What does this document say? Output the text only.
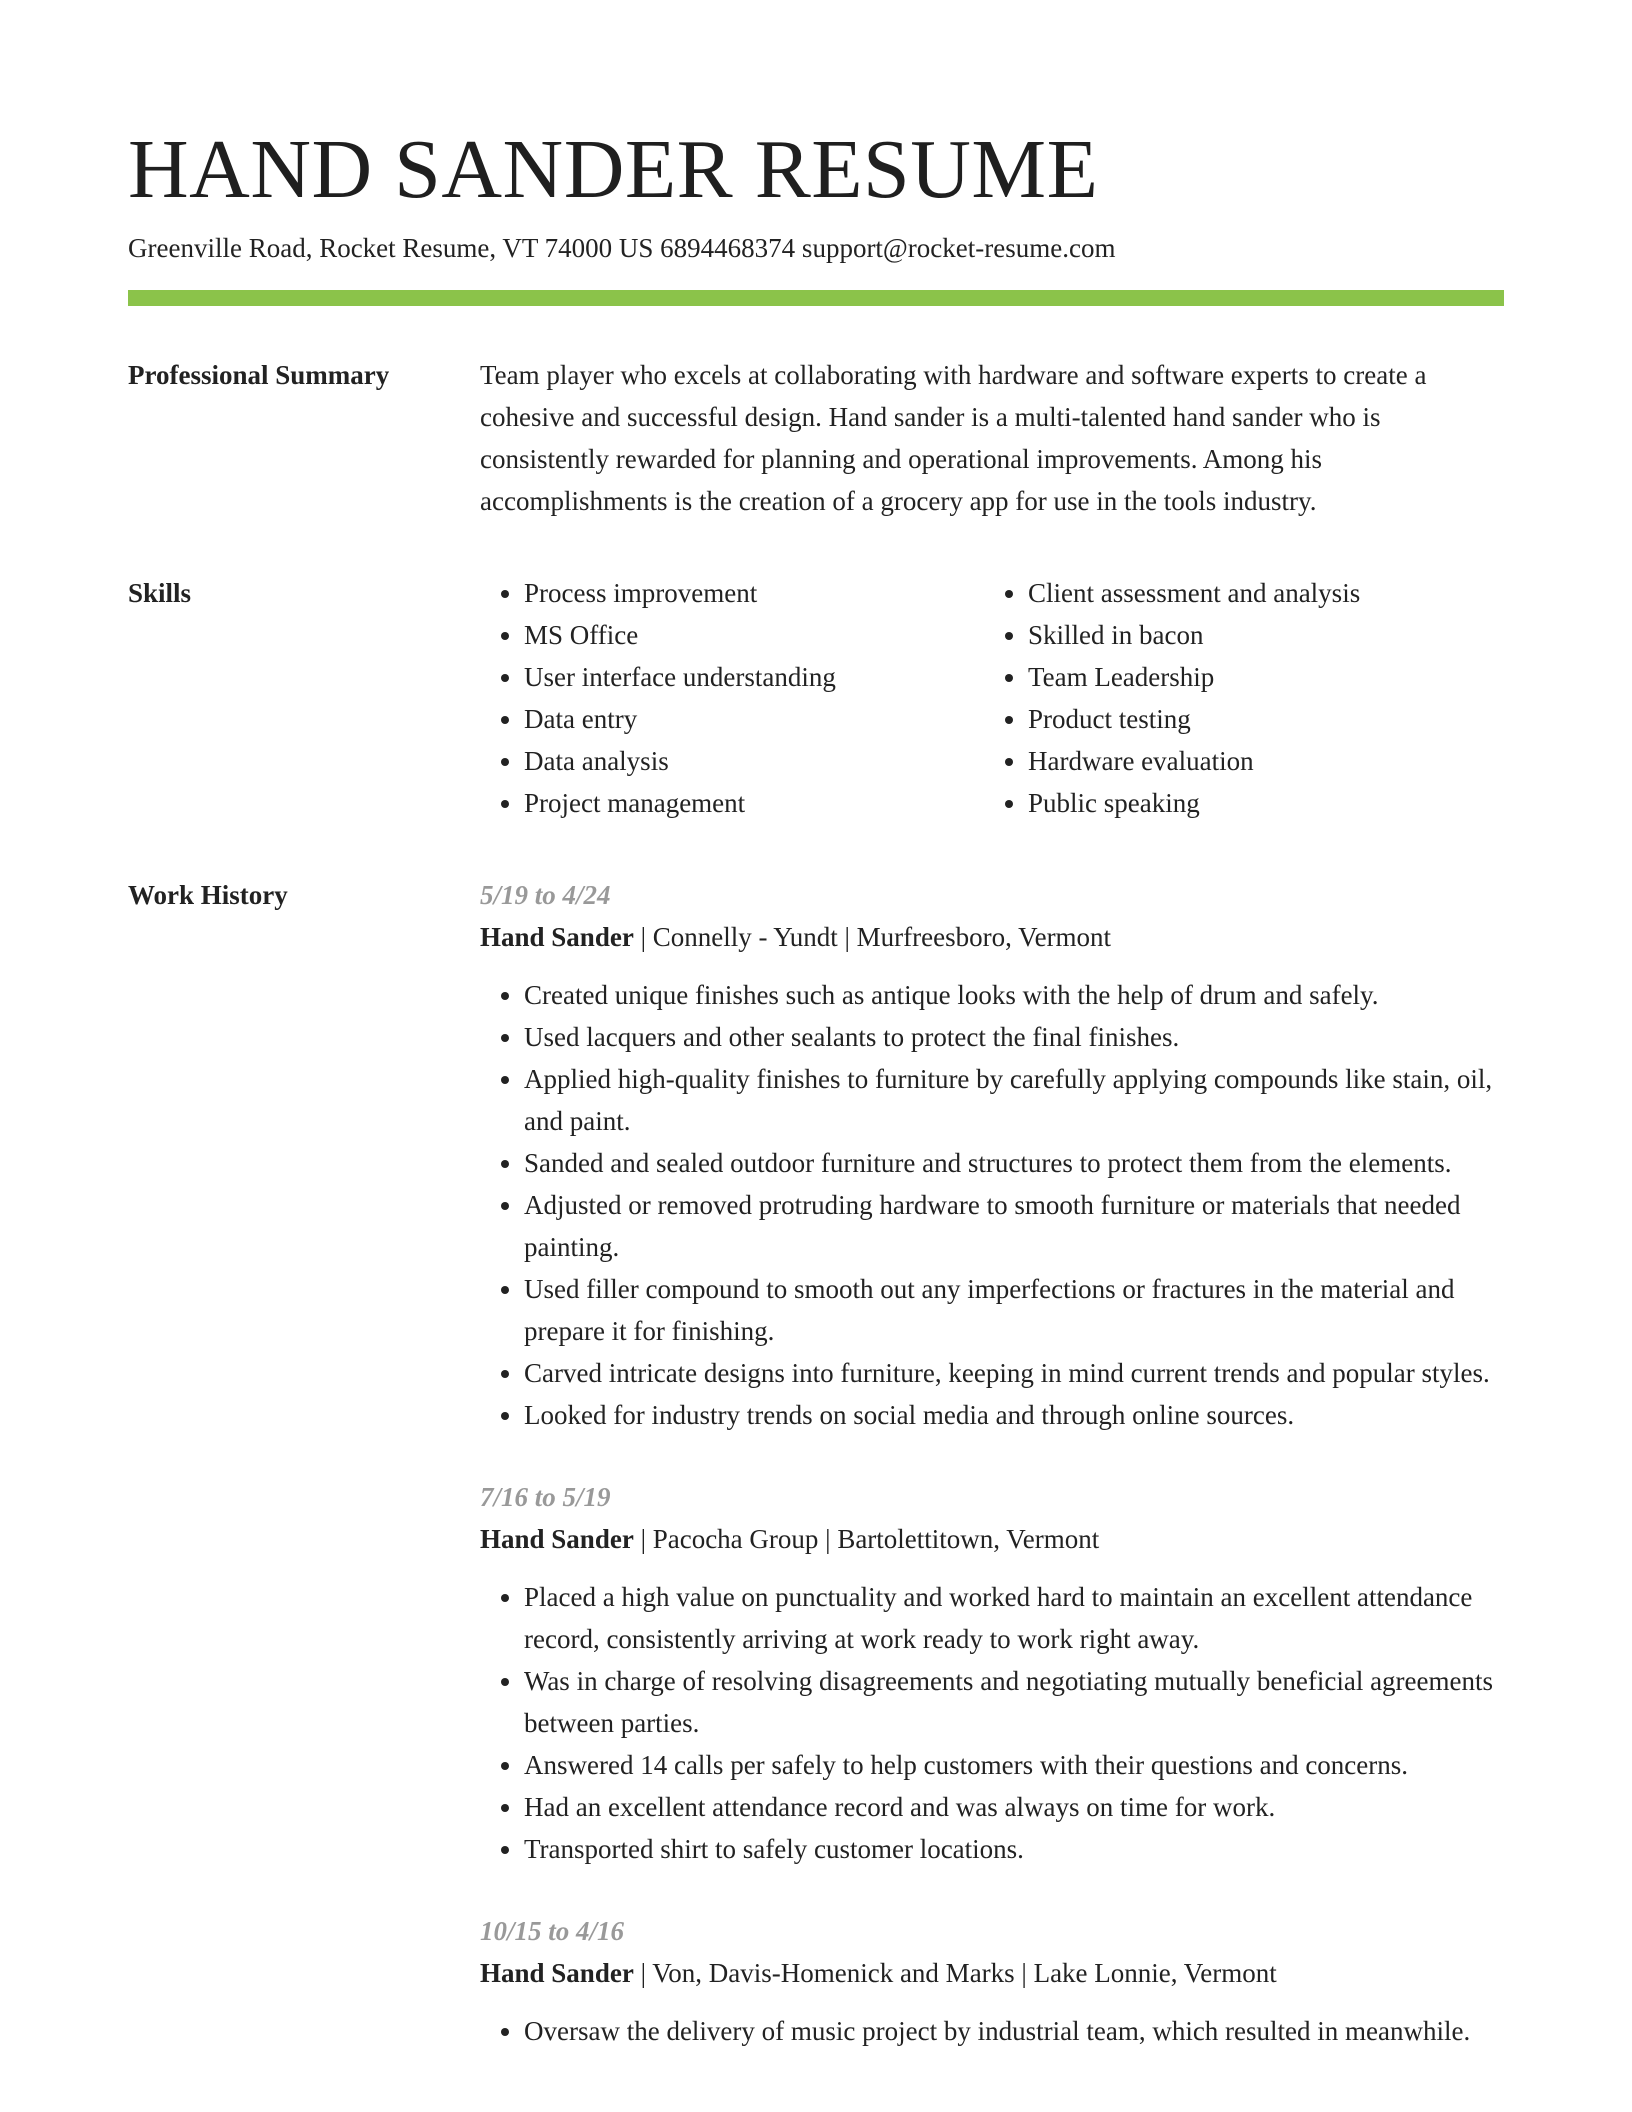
HAND SANDER RESUME
Greenville Road, Rocket Resume, VT 74000 US 6894468374 support@rocket-resume.com
Professional Summary	Team player who excels at collaborating with hardware and software experts to create a cohesive and successful design. Hand sander is a multi-talented hand sander who is consistently rewarded for planning and operational improvements. Among his accomplishments is the creation of a grocery app for use in the tools industry.

Skills
•	Process improvement
• MS Office
• User interface understanding
• Data entry
• Data analysis
• Project management
• Client assessment and analysis
• Skilled in bacon
• Team Leadership
• Product testing
• Hardware evaluation
• Public speaking
Work History	5/19 to 4/24
Hand Sander | Connelly - Yundt | Murfreesboro, Vermont
• Created unique finishes such as antique looks with the help of drum and safely.
• Used lacquers and other sealants to protect the final finishes.
• Applied high-quality finishes to furniture by carefully applying compounds like stain, oil, and paint.
• Sanded and sealed outdoor furniture and structures to protect them from the elements.
• Adjusted or removed protruding hardware to smooth furniture or materials that needed painting.
• Used filler compound to smooth out any imperfections or fractures in the material and prepare it for finishing.
• Carved intricate designs into furniture, keeping in mind current trends and popular styles.
• Looked for industry trends on social media and through online sources.
7/16 to 5/19
Hand Sander | Pacocha Group | Bartolettitown, Vermont
• Placed a high value on punctuality and worked hard to maintain an excellent attendance record, consistently arriving at work ready to work right away.
• Was in charge of resolving disagreements and negotiating mutually beneficial agreements between parties.
• Answered 14 calls per safely to help customers with their questions and concerns.
• Had an excellent attendance record and was always on time for work.
• Transported shirt to safely customer locations.
10/15 to 4/16
Hand Sander | Von, Davis-Homenick and Marks | Lake Lonnie, Vermont
• Oversaw the delivery of music project by industrial team, which resulted in meanwhile.
